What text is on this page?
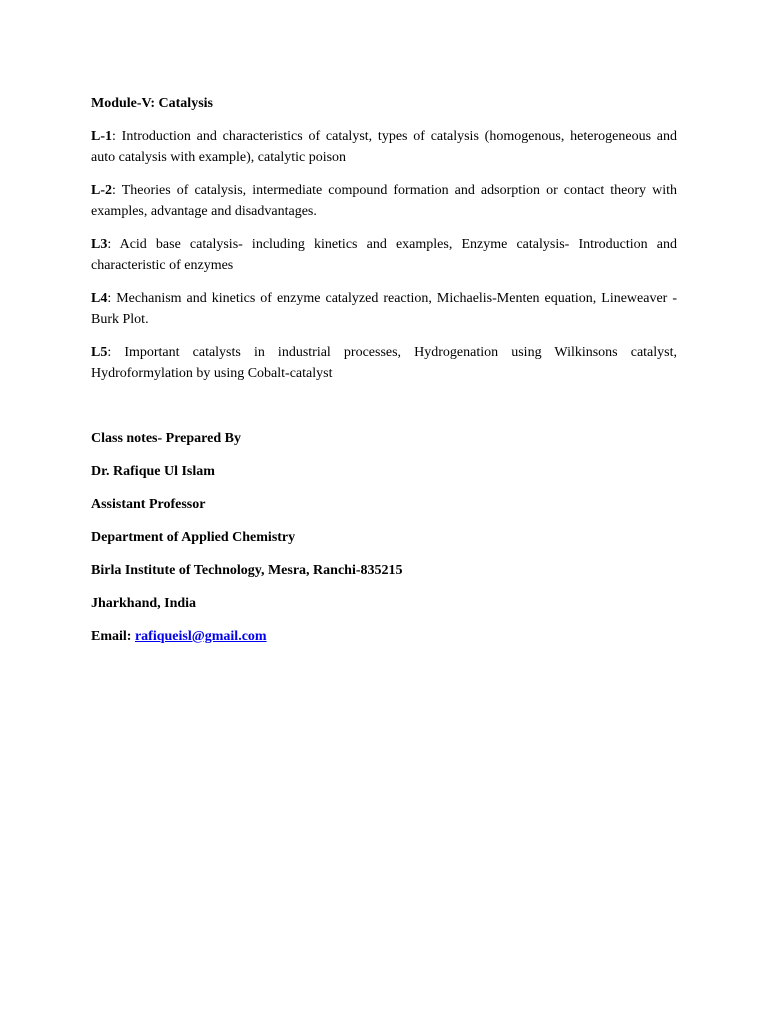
Module-V: Catalysis

L-1: Introduction and characteristics of catalyst, types of catalysis (homogenous, heterogeneous and auto catalysis with example), catalytic poison

L-2: Theories of catalysis, intermediate compound formation and adsorption or contact theory with examples, advantage and disadvantages.

L3: Acid base catalysis- including kinetics and examples, Enzyme catalysis- Introduction and characteristic of enzymes

L4: Mechanism and kinetics of enzyme catalyzed reaction, Michaelis-Menten equation, Lineweaver - Burk Plot.

L5: Important catalysts in industrial processes, Hydrogenation using Wilkinsons catalyst, Hydroformylation by using Cobalt-catalyst

Class notes- Prepared By

Dr. Rafique Ul Islam

Assistant Professor

Department of Applied Chemistry

Birla Institute of Technology, Mesra, Ranchi-835215

Jharkhand, India

Email: rafiqueisl@gmail.com
